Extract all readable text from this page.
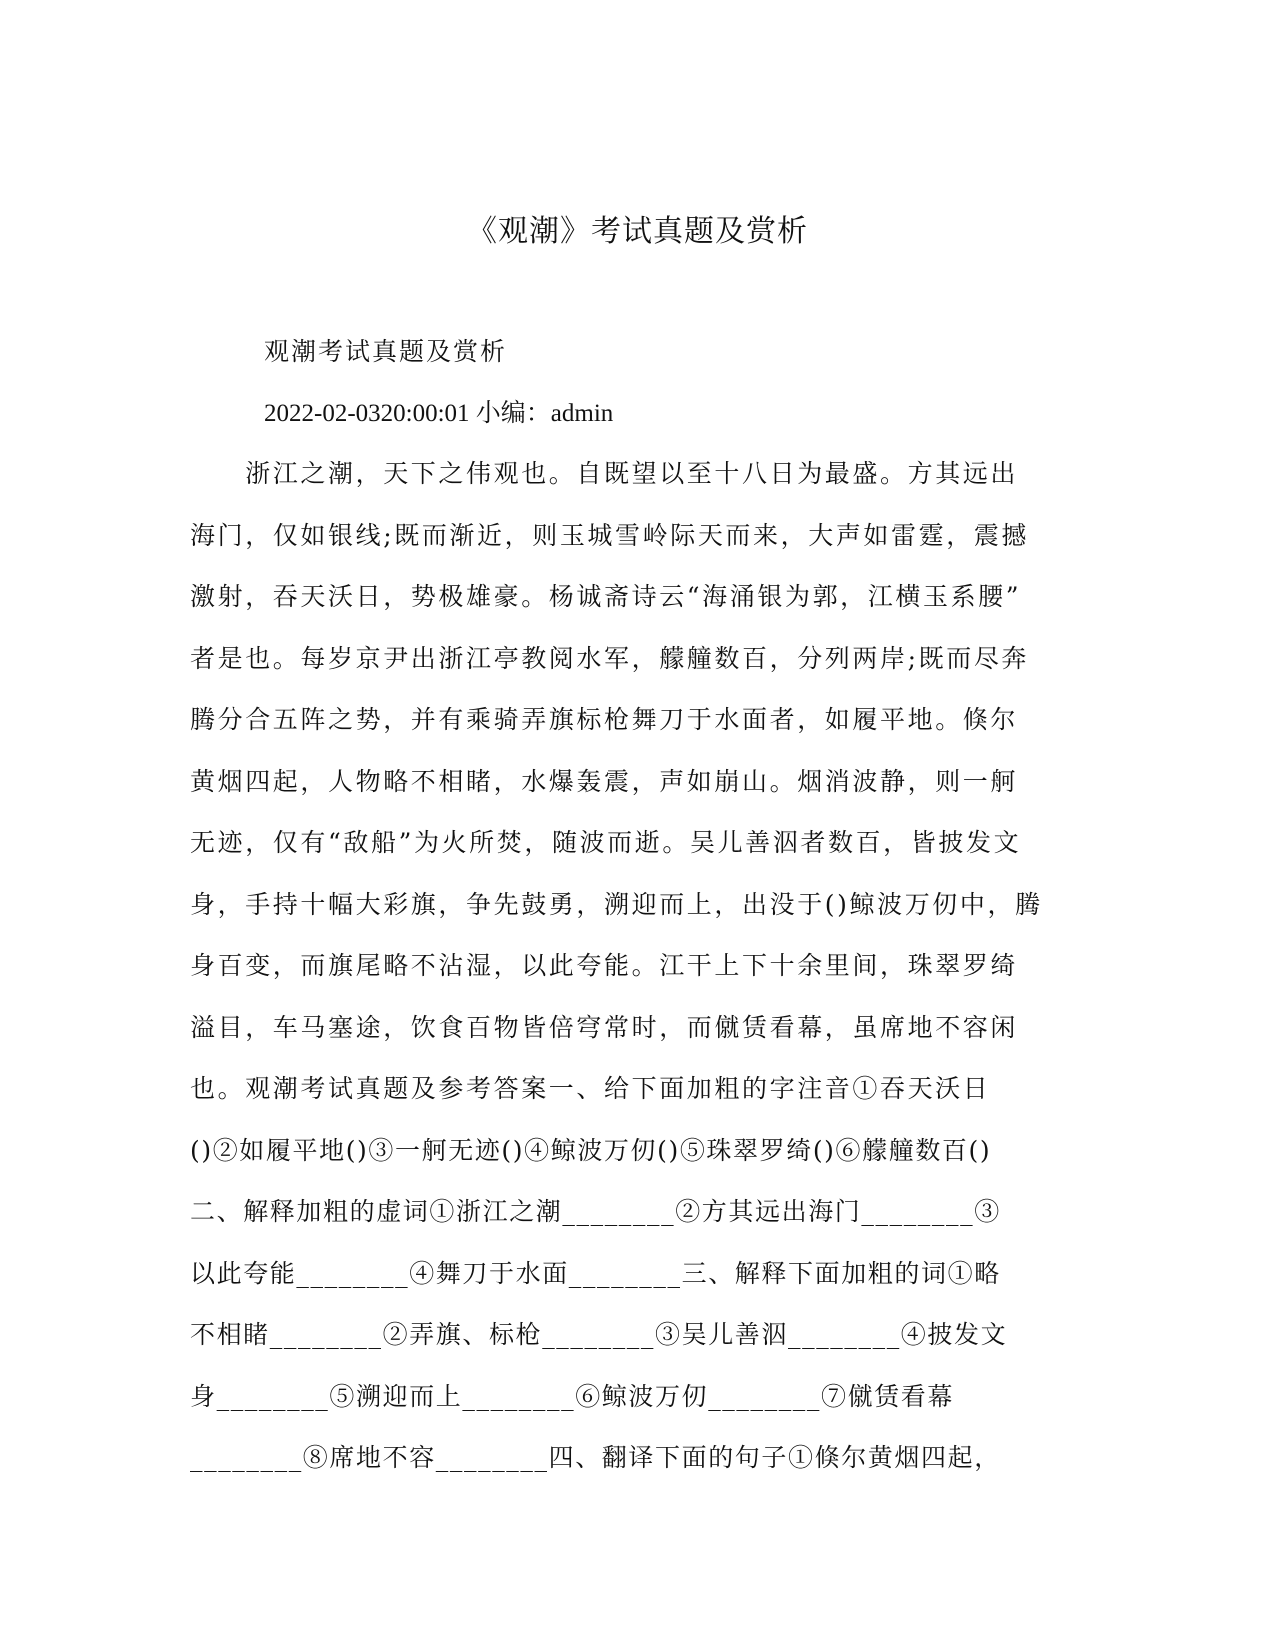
《观潮》考试真题及赏析
观潮考试真题及赏析
2022-02-0320:00:01 小编：admin
　　浙江之潮，天下之伟观也。自既望以至十八日为最盛。方其远出
海门，仅如银线;既而渐近，则玉城雪岭际天而来，大声如雷霆，震撼
激射，吞天沃日，势极雄豪。杨诚斋诗云“海涌银为郭，江横玉系腰”
者是也。每岁京尹出浙江亭教阅水军，艨艟数百，分列两岸;既而尽奔
腾分合五阵之势，并有乘骑弄旗标枪舞刀于水面者，如履平地。倏尔
黄烟四起，人物略不相睹，水爆轰震，声如崩山。烟消波静，则一舸
无迹，仅有“敌船”为火所焚，随波而逝。吴儿善泅者数百，皆披发文
身，手持十幅大彩旗，争先鼓勇，溯迎而上，出没于()鲸波万仞中，腾
身百变，而旗尾略不沾湿，以此夸能。江干上下十余里间，珠翠罗绮
溢目，车马塞途，饮食百物皆倍穹常时，而僦赁看幕，虽席地不容闲
也。观潮考试真题及参考答案一、给下面加粗的字注音①吞天沃日
()②如履平地()③一舸无迹()④鲸波万仞()⑤珠翠罗绮()⑥艨艟数百()
二、解释加粗的虚词①浙江之潮________②方其远出海门________③
以此夸能________④舞刀于水面________三、解释下面加粗的词①略
不相睹________②弄旗、标枪________③吴儿善泅________④披发文
身________⑤溯迎而上________⑥鲸波万仞________⑦僦赁看幕
________⑧席地不容________四、翻译下面的句子①倏尔黄烟四起，
